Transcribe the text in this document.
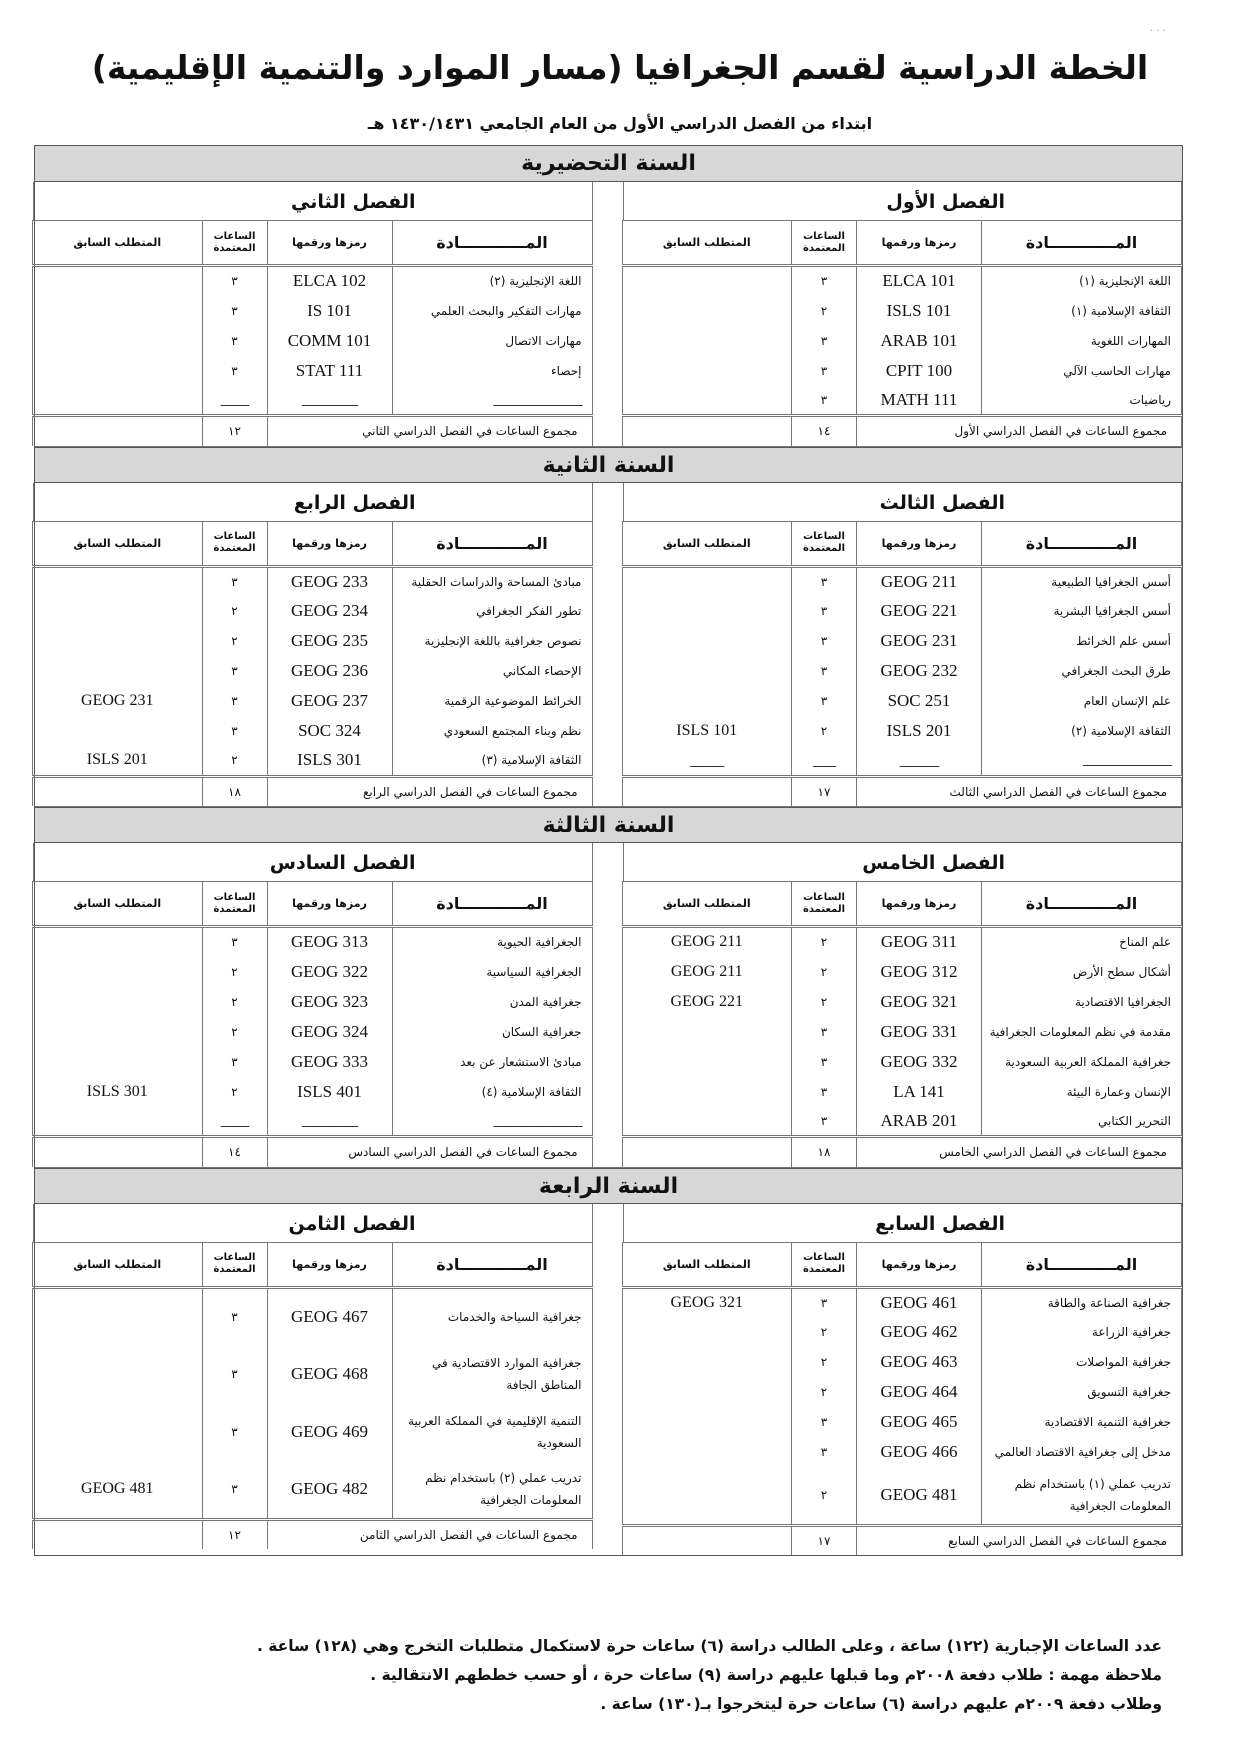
· · ·
الخطة الدراسية لقسم الجغرافيا (مسار الموارد والتنمية الإقليمية)
ابتداء من الفصل الدراسي الأول من العام الجامعي ١٤٣٠/١٤٣١ هـ
السنة التحضيرية
الفصل الأول
المــــــــــــادة	رمزها ورقمها	الساعات المعتمدة	المتطلب السابق
اللغة الإنجليزية (١)	ELCA 101	٣	
الثقافة الإسلامية (١)	ISLS 101	٢	
المهارات اللغوية	ARAB 101	٣	
مهارات الحاسب الآلي	CPIT 100	٣	
رياضيات	MATH 111	٣	
مجموع الساعات في الفصل الدراسي الأول		١٤	
الفصل الثاني
المــــــــــــادة	رمزها ورقمها	الساعات المعتمدة	المتطلب السابق
اللغة الإنجليزية (٢)	ELCA 102	٣	
مهارات التفكير والبحث العلمي	IS 101	٣	
مهارات الاتصال	COMM 101	٣	
إحصاء	STAT 111	٣	
________________	__________	_____	
مجموع الساعات في الفصل الدراسي الثاني		١٢	
السنة الثانية
الفصل الثالث
المــــــــــــادة	رمزها ورقمها	الساعات المعتمدة	المتطلب السابق
أسس الجغرافيا الطبيعية	GEOG 211	٣	
أسس الجغرافيا البشرية	GEOG 221	٣	
أسس علم الخرائط	GEOG 231	٣	
طرق البحث الجغرافي	GEOG 232	٣	
علم الإنسان العام	SOC 251	٣	
الثقافة الإسلامية (٢)	ISLS 201	٢	ISLS 101
________________	_______	____	______
مجموع الساعات في الفصل الدراسي الثالث		١٧	
الفصل الرابع
المــــــــــــادة	رمزها ورقمها	الساعات المعتمدة	المتطلب السابق
مبادئ المساحة والدراسات الحقلية	GEOG 233	٣	
تطور الفكر الجغرافي	GEOG 234	٢	
نصوص جغرافية باللغة الإنجليزية	GEOG 235	٢	
الإحصاء المكاني	GEOG 236	٣	
الخرائط الموضوعية الرقمية	GEOG 237	٣	GEOG 231
نظم وبناء المجتمع السعودي	SOC 324	٣	
الثقافة الإسلامية (٣)	ISLS 301	٢	ISLS 201
مجموع الساعات في الفصل الدراسي الرابع		١٨	
السنة الثالثة
الفصل الخامس
المــــــــــــادة	رمزها ورقمها	الساعات المعتمدة	المتطلب السابق
علم المناخ	GEOG 311	٢	GEOG 211
أشكال سطح الأرض	GEOG 312	٢	GEOG 211
الجغرافيا الاقتصادية	GEOG 321	٢	GEOG 221
مقدمة في نظم المعلومات الجغرافية	GEOG 331	٣	
جغرافية المملكة العربية السعودية	GEOG 332	٣	
الإنسان وعمارة البيئة	LA 141	٣	
التحرير الكتابي	ARAB 201	٣	
مجموع الساعات في الفصل الدراسي الخامس		١٨	
الفصل السادس
المــــــــــــادة	رمزها ورقمها	الساعات المعتمدة	المتطلب السابق
الجغرافية الحيوية	GEOG 313	٣	
الجغرافية السياسية	GEOG 322	٢	
جغرافية المدن	GEOG 323	٢	
جغرافية السكان	GEOG 324	٢	
مبادئ الاستشعار عن بعد	GEOG 333	٣	
الثقافة الإسلامية (٤)	ISLS 401	٢	ISLS 301
________________	__________	_____	
مجموع الساعات في الفصل الدراسي السادس		١٤	
السنة الرابعة
الفصل السابع
المــــــــــــادة	رمزها ورقمها	الساعات المعتمدة	المتطلب السابق
جغرافية الصناعة والطاقة	GEOG 461	٣	GEOG 321
جغرافية الزراعة	GEOG 462	٢	
جغرافية المواصلات	GEOG 463	٢	
جغرافية التسويق	GEOG 464	٢	
جغرافية التنمية الاقتصادية	GEOG 465	٣	
مدخل إلى جغرافية الاقتصاد العالمي	GEOG 466	٣	
تدريب عملي (١) باستخدام نظم المعلومات الجغرافية	GEOG 481	٢	
مجموع الساعات في الفصل الدراسي السابع		١٧	
الفصل الثامن
المــــــــــــادة	رمزها ورقمها	الساعات المعتمدة	المتطلب السابق
جغرافية السياحة والخدمات	GEOG 467	٣	
جغرافية الموارد الاقتصادية في المناطق الجافة	GEOG 468	٣	
التنمية الإقليمية في المملكة العربية السعودية	GEOG 469	٣	
تدريب عملي (٢) باستخدام نظم المعلومات الجغرافية	GEOG 482	٣	GEOG 481
مجموع الساعات في الفصل الدراسي الثامن		١٢	
عدد الساعات الإجبارية (١٢٢) ساعة ، وعلى الطالب دراسة (٦) ساعات حرة لاستكمال متطلبات التخرج وهي (١٢٨) ساعة .
ملاحظة مهمة : طلاب دفعة ٢٠٠٨م وما قبلها عليهم دراسة (٩) ساعات حرة ، أو حسب خططهم الانتقالية .
وطلاب دفعة ٢٠٠٩م عليهم دراسة (٦) ساعات حرة ليتخرجوا بـ(١٣٠) ساعة .
